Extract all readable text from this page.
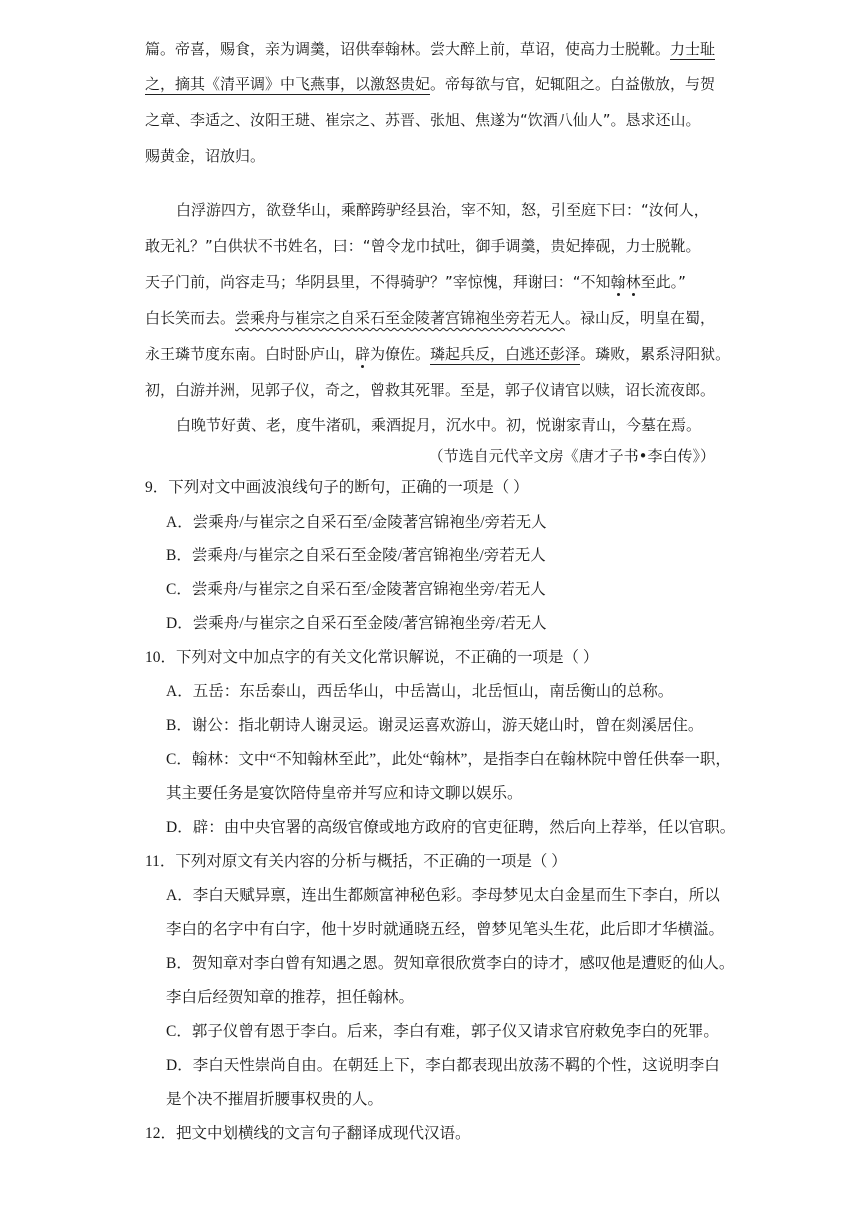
篇。帝喜，赐食，亲为调羹，诏供奉翰林。尝大醉上前，草诏，使高力士脱靴。力士耻
之，摘其《清平调》中飞燕事，以激怒贵妃。帝每欲与官，妃辄阻之。白益傲放，与贺
之章、李适之、汝阳王琎、崔宗之、苏晋、张旭、焦遂为“饮酒八仙人”。恳求还山。
赐黄金，诏放归。
白浮游四方，欲登华山，乘醉跨驴经县治，宰不知，怒，引至庭下曰：“汝何人，
敢无礼？”白供状不书姓名，曰：“曾令龙巾拭吐，御手调羹，贵妃捧砚，力士脱靴。
天子门前，尚容走马；华阴县里，不得骑驴？”宰惊愧，拜谢曰：“不知翰林至此。”
白长笑而去。尝乘舟与崔宗之自采石至金陵著宫锦袍坐旁若无人。禄山反，明皇在蜀，
永王璘节度东南。白时卧庐山，辟为僚佐。璘起兵反，白逃还彭泽。璘败，累系浔阳狱。
初，白游并洲，见郭子仪，奇之，曾救其死罪。至是，郭子仪请官以赎，诏长流夜郎。
白晚节好黄、老，度牛渚矶，乘酒捉月，沉水中。初，悦谢家青山，今墓在焉。
（节选自元代辛文房《唐才子书•李白传》）
9．下列对文中画波浪线句子的断句，正确的一项是（ ）
A．尝乘舟/与崔宗之自采石至/金陵著宫锦袍坐/旁若无人
B．尝乘舟/与崔宗之自采石至金陵/著宫锦袍坐/旁若无人
C．尝乘舟/与崔宗之自采石至/金陵著宫锦袍坐旁/若无人
D．尝乘舟/与崔宗之自采石至金陵/著宫锦袍坐旁/若无人
10．下列对文中加点字的有关文化常识解说，不正确的一项是（ ）
A．五岳：东岳泰山，西岳华山，中岳嵩山，北岳恒山，南岳衡山的总称。
B．谢公：指北朝诗人谢灵运。谢灵运喜欢游山，游天姥山时，曾在剡溪居住。
C．翰林：文中“不知翰林至此”，此处“翰林”，是指李白在翰林院中曾任供奉一职，
其主要任务是宴饮陪侍皇帝并写应和诗文聊以娱乐。
D．辟：由中央官署的高级官僚或地方政府的官吏征聘，然后向上荐举，任以官职。
11．下列对原文有关内容的分析与概括，不正确的一项是（ ）
A．李白天赋异禀，连出生都颇富神秘色彩。李母梦见太白金星而生下李白，所以
李白的名字中有白字，他十岁时就通晓五经，曾梦见笔头生花，此后即才华横溢。
B．贺知章对李白曾有知遇之恩。贺知章很欣赏李白的诗才，感叹他是遭贬的仙人。
李白后经贺知章的推荐，担任翰林。
C．郭子仪曾有恩于李白。后来，李白有难，郭子仪又请求官府敕免李白的死罪。
D．李白天性崇尚自由。在朝廷上下，李白都表现出放荡不羁的个性，这说明李白
是个决不摧眉折腰事权贵的人。
12．把文中划横线的文言句子翻译成现代汉语。
